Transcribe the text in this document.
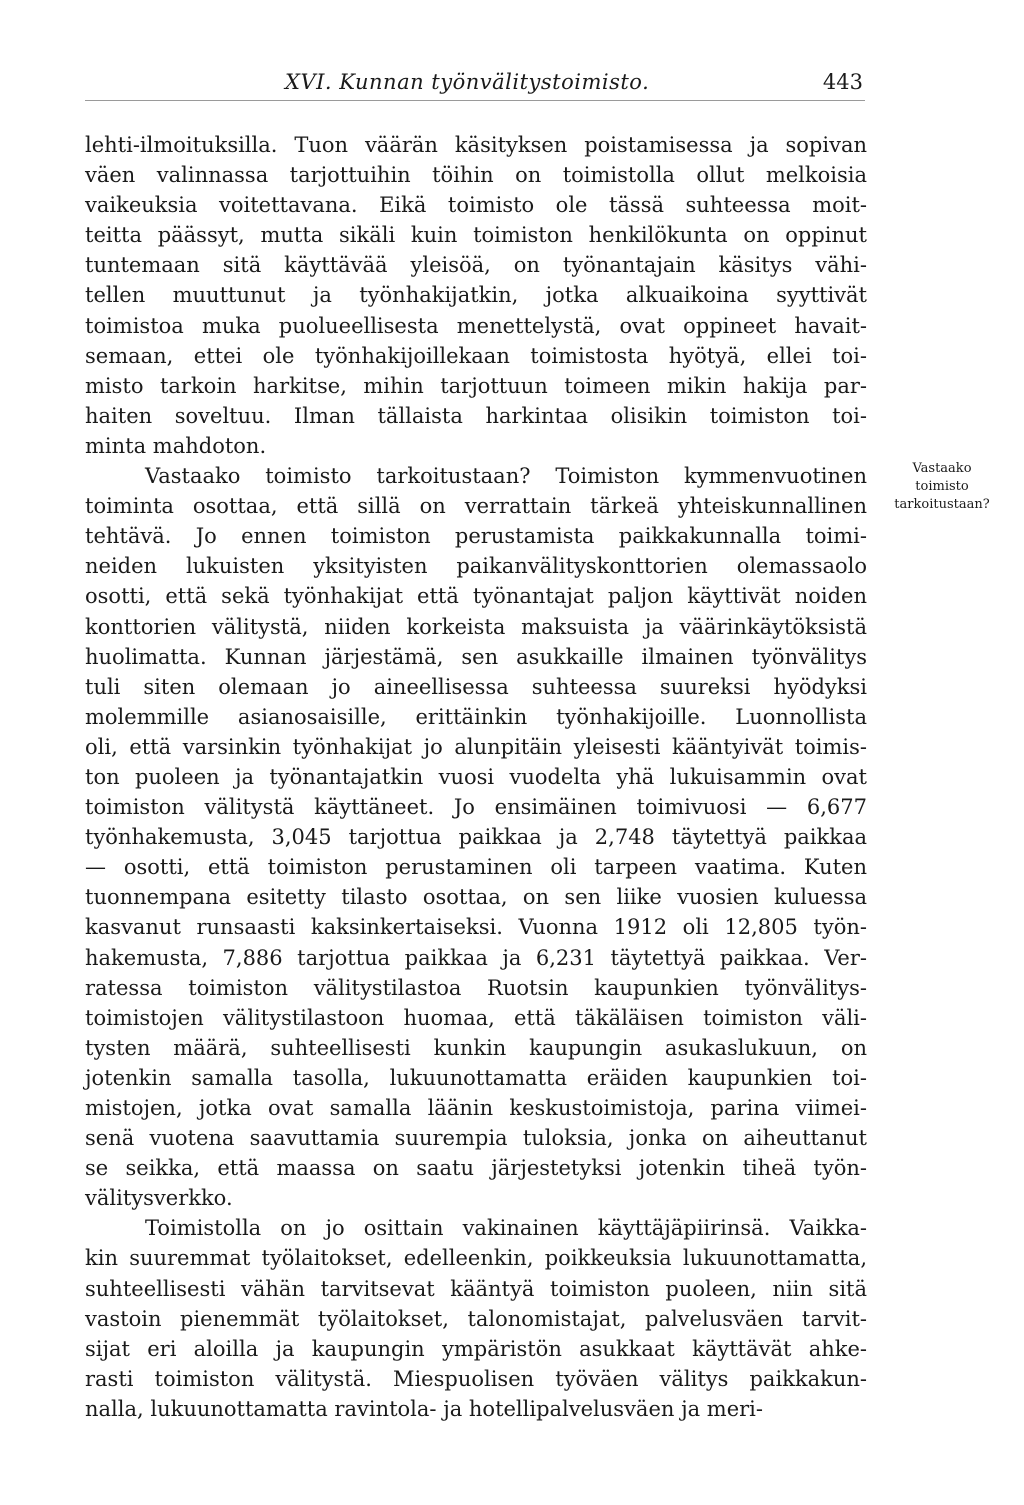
XVI. Kunnan työnvälitystoimisto.	443
lehti-ilmoituksilla. Tuon väärän käsityksen poistamisessa ja sopivan
väen valinnassa tarjottuihin töihin on toimistolla ollut melkoisia
vaikeuksia voitettavana. Eikä toimisto ole tässä suhteessa moit-
teitta päässyt, mutta sikäli kuin toimiston henkilökunta on oppinut
tuntemaan sitä käyttävää yleisöä, on työnantajain käsitys vähi-
tellen muuttunut ja työnhakijatkin, jotka alkuaikoina syyttivät
toimistoa muka puolueellisesta menettelystä, ovat oppineet havait-
semaan, ettei ole työnhakijoillekaan toimistosta hyötyä, ellei toi-
misto tarkoin harkitse, mihin tarjottuun toimeen mikin hakija par-
haiten soveltuu. Ilman tällaista harkintaa olisikin toimiston toi-
minta mahdoton.
Vastaako toimisto tarkoitustaan? Toimiston kymmenvuotinen
toiminta osottaa, että sillä on verrattain tärkeä yhteiskunnallinen
tehtävä. Jo ennen toimiston perustamista paikkakunnalla toimi-
neiden lukuisten yksityisten paikanvälityskonttorien olemassaolo
osotti, että sekä työnhakijat että työnantajat paljon käyttivät noiden
konttorien välitystä, niiden korkeista maksuista ja väärinkäytöksistä
huolimatta. Kunnan järjestämä, sen asukkaille ilmainen työnvälitys
tuli siten olemaan jo aineellisessa suhteessa suureksi hyödyksi
molemmille asianosaisille, erittäinkin työnhakijoille. Luonnollista
oli, että varsinkin työnhakijat jo alunpitäin yleisesti kääntyivät toimis-
ton puoleen ja työnantajatkin vuosi vuodelta yhä lukuisammin ovat
toimiston välitystä käyttäneet. Jo ensimäinen toimivuosi — 6,677
työnhakemusta, 3,045 tarjottua paikkaa ja 2,748 täytettyä paikkaa
— osotti, että toimiston perustaminen oli tarpeen vaatima. Kuten
tuonnempana esitetty tilasto osottaa, on sen liike vuosien kuluessa
kasvanut runsaasti kaksinkertaiseksi. Vuonna 1912 oli 12,805 työn-
hakemusta, 7,886 tarjottua paikkaa ja 6,231 täytettyä paikkaa. Ver-
ratessa toimiston välitystilastoa Ruotsin kaupunkien työnvälitys-
toimistojen välitystilastoon huomaa, että täkäläisen toimiston väli-
tysten määrä, suhteellisesti kunkin kaupungin asukaslukuun, on
jotenkin samalla tasolla, lukuunottamatta eräiden kaupunkien toi-
mistojen, jotka ovat samalla läänin keskustoimistoja, parina viimei-
senä vuotena saavuttamia suurempia tuloksia, jonka on aiheuttanut
se seikka, että maassa on saatu järjestetyksi jotenkin tiheä työn-
välitysverkko.
Toimistolla on jo osittain vakinainen käyttäjäpiirinsä. Vaikka-
kin suuremmat työlaitokset, edelleenkin, poikkeuksia lukuunottamatta,
suhteellisesti vähän tarvitsevat kääntyä toimiston puoleen, niin sitä
vastoin pienemmät työlaitokset, talonomistajat, palvelusväen tarvit-
sijat eri aloilla ja kaupungin ympäristön asukkaat käyttävät ahke-
rasti toimiston välitystä. Miespuolisen työväen välitys paikkakun-
nalla, lukuunottamatta ravintola- ja hotellipalvelusväen ja meri-
Vastaako
toimisto
tarkoitustaan?
